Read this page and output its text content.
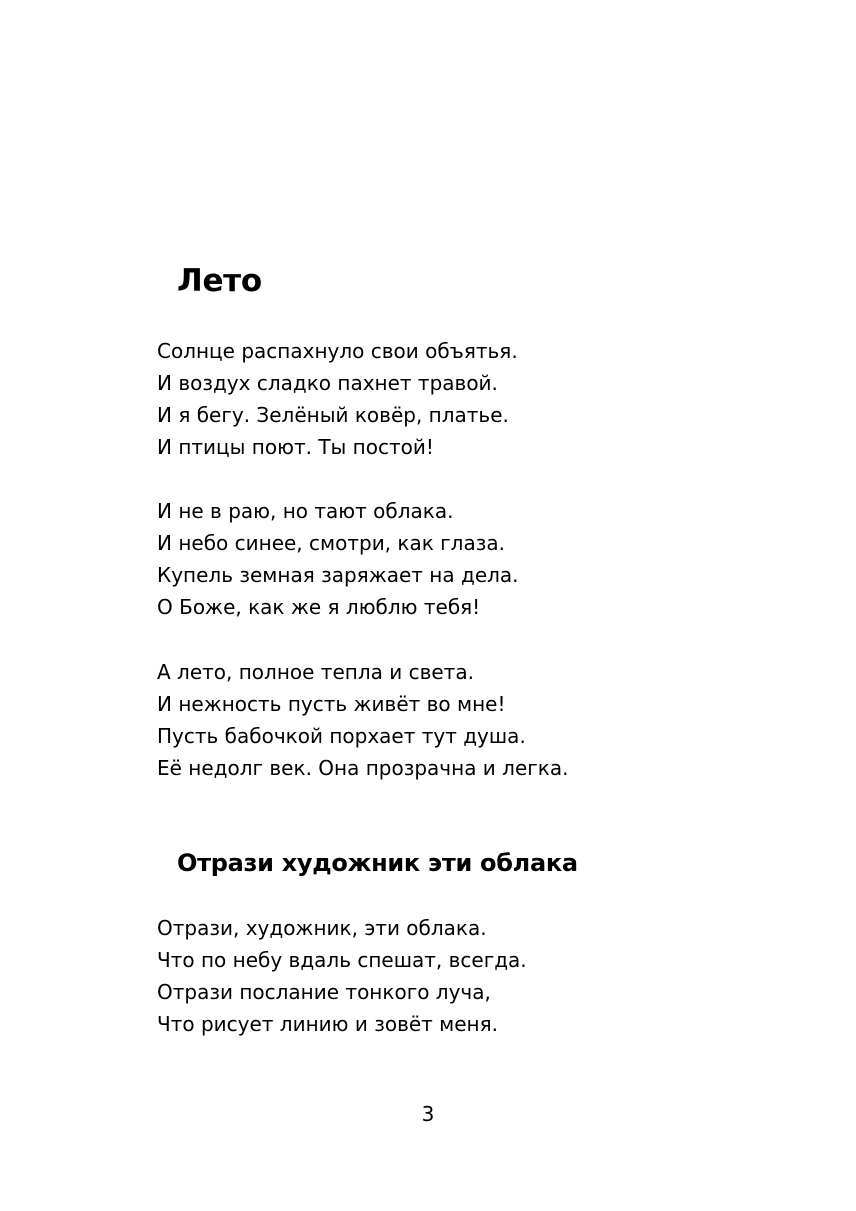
Лето
Солнце распахнуло свои объятья.
И воздух сладко пахнет травой.
И я бегу. Зелёный ковёр, платье.
И птицы поют. Ты постой!
И не в раю, но тают облака.
И небо синее, смотри, как глаза.
Купель земная заряжает на дела.
О Боже, как же я люблю тебя!
А лето, полное тепла и света.
И нежность пусть живёт во мне!
Пусть бабочкой порхает тут душа.
Её недолг век. Она прозрачна и легка.
Отрази художник эти облака
Отрази, художник, эти облака.
Что по небу вдаль спешат, всегда.
Отрази послание тонкого луча,
Что рисует линию и зовёт меня.
3
